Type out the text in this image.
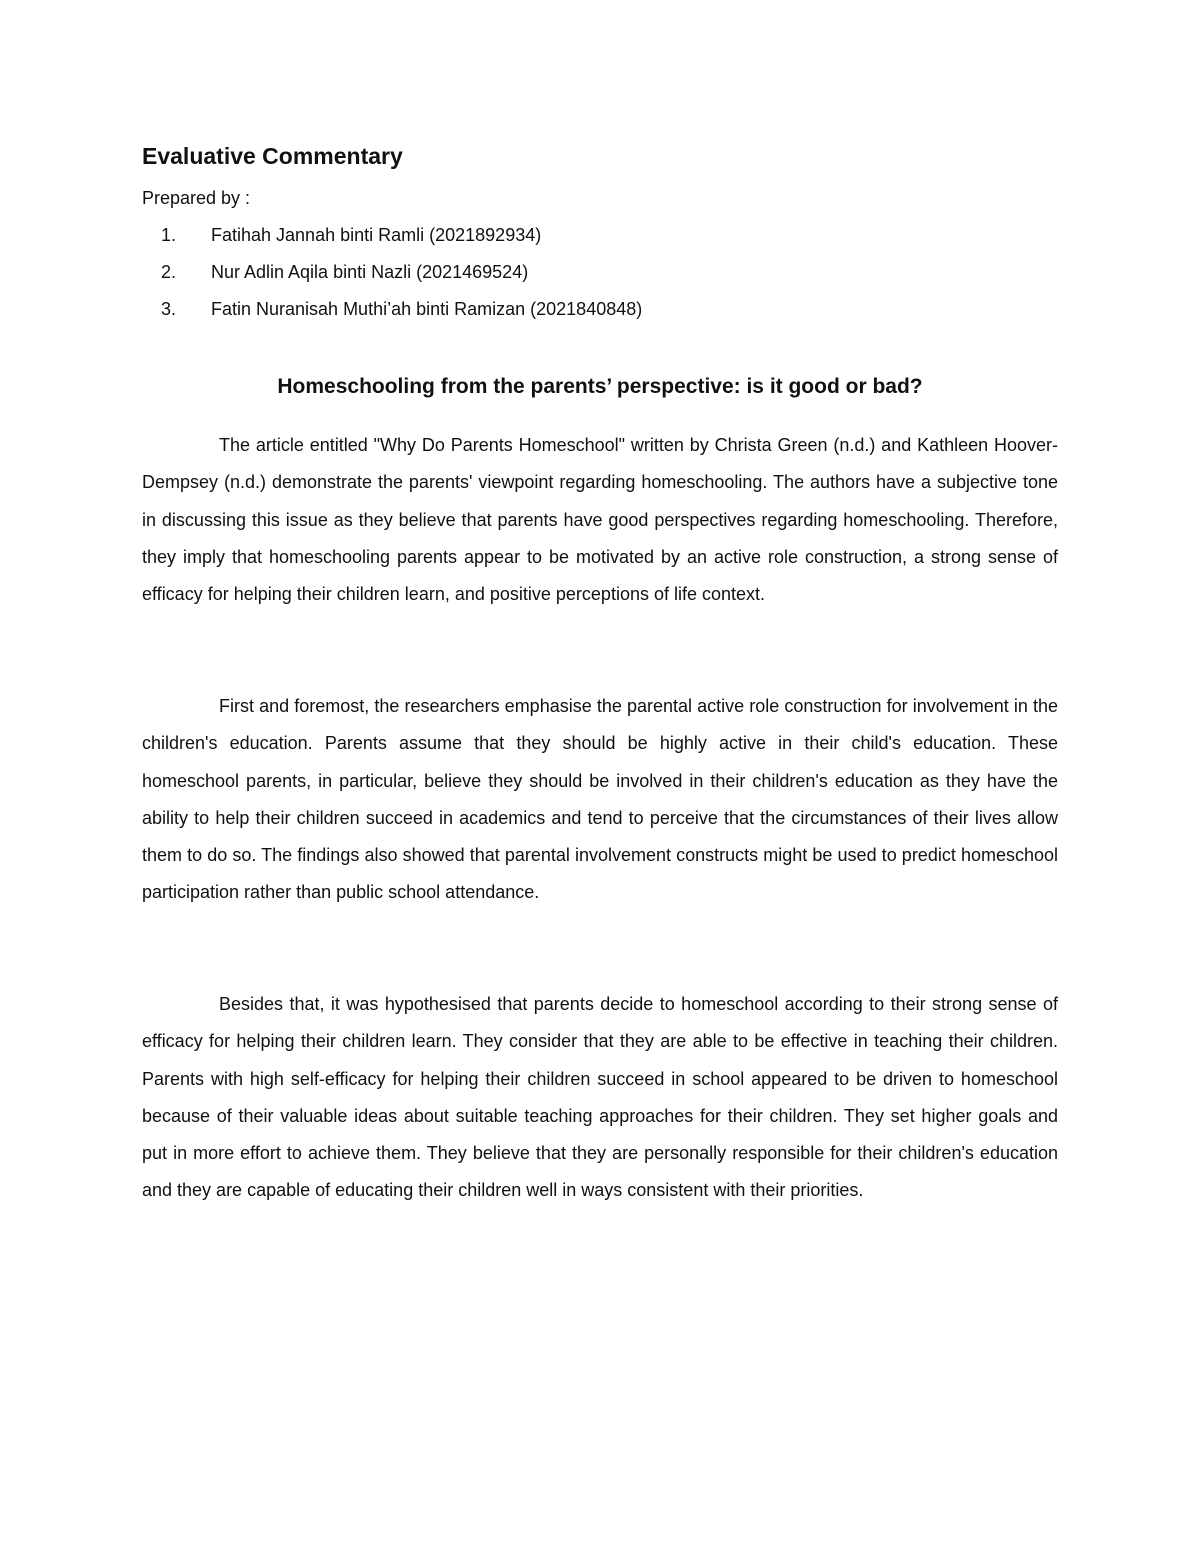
Evaluative Commentary

Prepared by :

1.	Fatihah Jannah binti Ramli (2021892934)
2.	Nur Adlin Aqila binti Nazli (2021469524)
3.	Fatin Nuranisah Muthi’ah binti Ramizan (2021840848)
Homeschooling from the parents’ perspective: is it good or bad?

The article entitled "Why Do Parents Homeschool" written by Christa Green (n.d.) and Kathleen Hoover-Dempsey (n.d.) demonstrate the parents' viewpoint regarding homeschooling. The authors have a subjective tone in discussing this issue as they believe that parents have good perspectives regarding homeschooling. Therefore, they imply that homeschooling parents appear to be motivated by an active role construction, a strong sense of efficacy for helping their children learn, and positive perceptions of life context.

First and foremost, the researchers emphasise the parental active role construction for involvement in the children's education. Parents assume that they should be highly active in their child's education. These homeschool parents, in particular, believe they should be involved in their children's education as they have the ability to help their children succeed in academics and tend to perceive that the circumstances of their lives allow them to do so. The findings also showed that parental involvement constructs might be used to predict homeschool participation rather than public school attendance.

Besides that, it was hypothesised that parents decide to homeschool according to their strong sense of efficacy for helping their children learn. They consider that they are able to be effective in teaching their children. Parents with high self-efficacy for helping their children succeed in school appeared to be driven to homeschool because of their valuable ideas about suitable teaching approaches for their children. They set higher goals and put in more effort to achieve them. They believe that they are personally responsible for their children's education and they are capable of educating their children well in ways consistent with their priorities.
